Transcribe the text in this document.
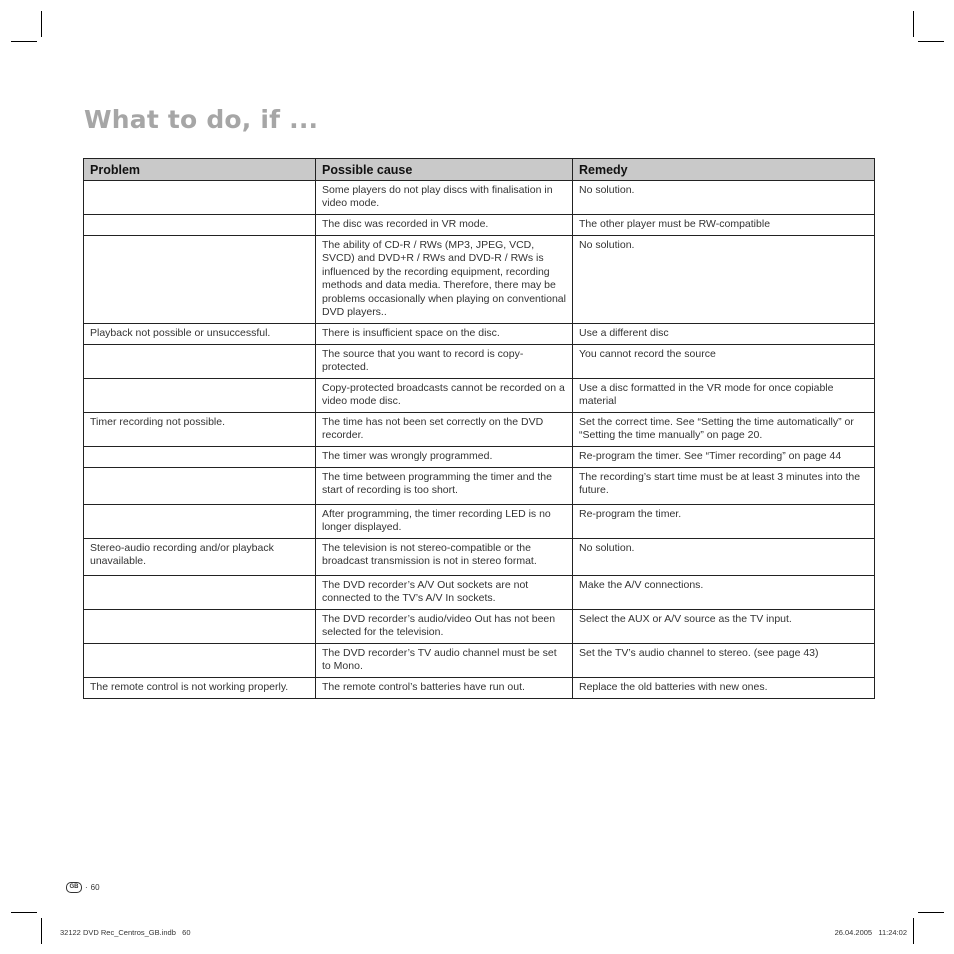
What to do, if ...
Problem	Possible cause	Remedy
	Some players do not play discs with finalisation in video mode.	No solution.
	The disc was recorded in VR mode.	The other player must be RW-compatible
	The ability of CD-R / RWs (MP3, JPEG, VCD, SVCD) and DVD+R / RWs and DVD-R / RWs is influenced by the recording equipment, recording methods and data media. Therefore, there may be problems occasionally when playing on conventional DVD players..	No solution.
Playback not possible or unsuccessful.	There is insufficient space on the disc.	Use a different disc
	The source that you want to record is copy-protected.	You cannot record the source
	Copy-protected broadcasts cannot be recorded on a video mode disc.	Use a disc formatted in the VR mode for once copiable material
Timer recording not possible.	The time has not been set correctly on the DVD recorder.	Set the correct time. See “Setting the time automatically” or “Setting the time manually” on page 20.
	The timer was wrongly programmed.	Re-program the timer. See “Timer recording” on page 44
	The time between programming the timer and the start of recording is too short.	The recording’s start time must be at least 3 minutes into the future.
	After programming, the timer recording LED is no longer displayed.	Re-program the timer.
Stereo-audio recording and/or playback unavailable.	The television is not stereo-compatible or the broadcast transmission is not in stereo format.	No solution.
	The DVD recorder’s A/V Out sockets are not connected to the TV’s A/V In sockets.	Make the A/V connections.
	The DVD recorder’s audio/video Out has not been selected for the television.	Select the AUX or A/V source as the TV input.
	The DVD recorder’s TV audio channel must be set to Mono.	Set the TV’s audio channel to stereo. (see page 43)
The remote control is not working properly.	The remote control’s batteries have run out.	Replace the old batteries with new ones.
GB · 60
32122 DVD Rec_Centros_GB.indb   60	26.04.2005   11:24:02
